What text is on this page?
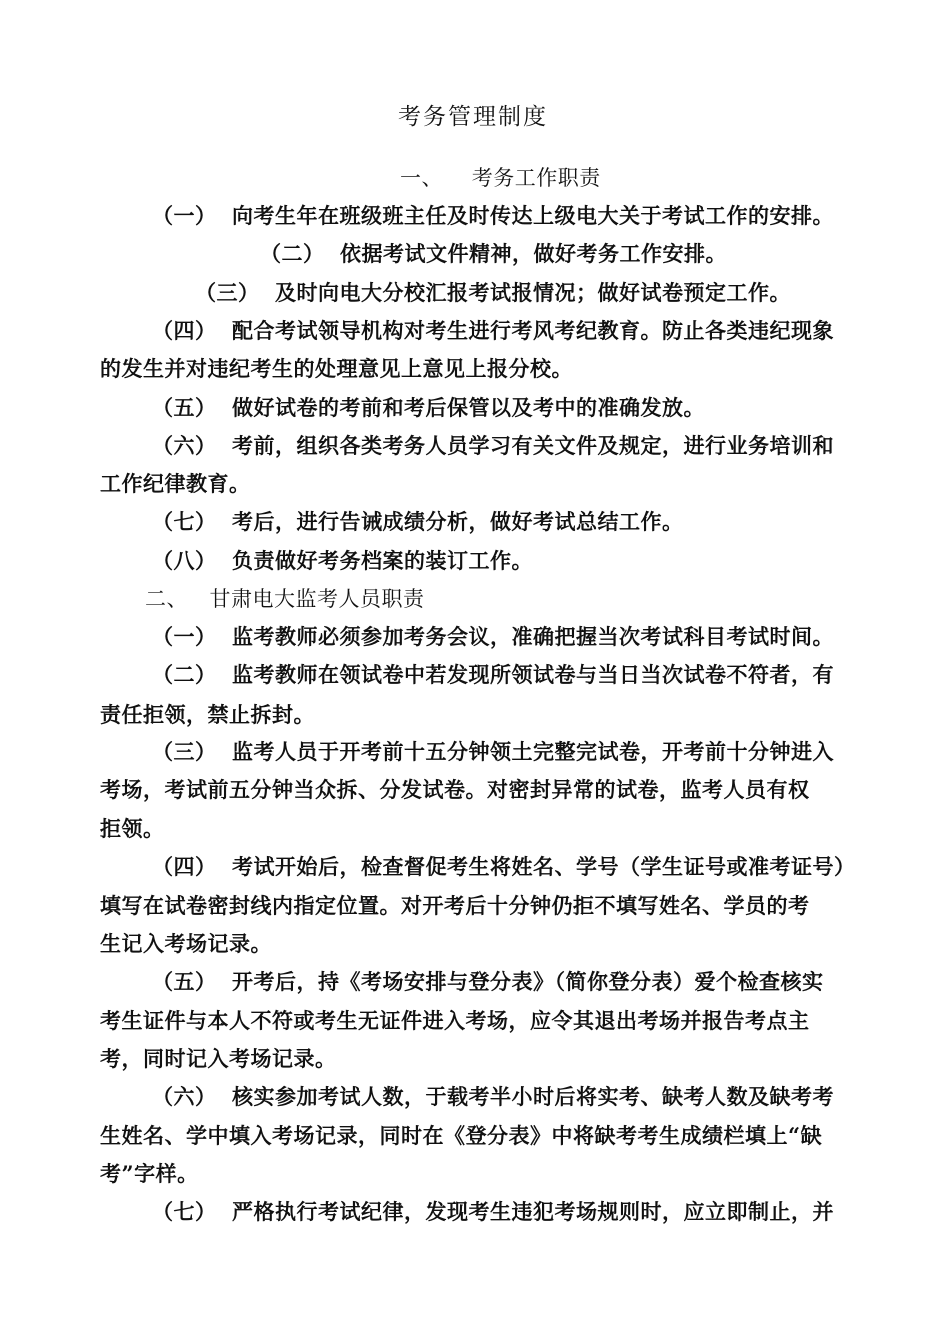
考务管理制度
一、 考务工作职责
（一） 向考生年在班级班主任及时传达上级电大关于考试工作的安排。
（二） 依据考试文件精神，做好考务工作安排。
（三） 及时向电大分校汇报考试报情况；做好试卷预定工作。
（四） 配合考试领导机构对考生进行考风考纪教育。防止各类违纪现象
的发生并对违纪考生的处理意见上意见上报分校。
（五） 做好试卷的考前和考后保管以及考中的准确发放。
（六） 考前，组织各类考务人员学习有关文件及规定，进行业务培训和
工作纪律教育。
（七） 考后，进行告诫成绩分析，做好考试总结工作。
（八） 负责做好考务档案的装订工作。
二、 甘肃电大监考人员职责
（一） 监考教师必须参加考务会议，准确把握当次考试科目考试时间。
（二） 监考教师在领试卷中若发现所领试卷与当日当次试卷不符者，有
责任拒领，禁止拆封。
（三） 监考人员于开考前十五分钟领土完整完试卷，开考前十分钟进入
考场，考试前五分钟当众拆、分发试卷。对密封异常的试卷，监考人员有权
拒领。
（四） 考试开始后，检查督促考生将姓名、学号（学生证号或准考证号）
填写在试卷密封线内指定位置。对开考后十分钟仍拒不填写姓名、学员的考
生记入考场记录。
（五） 开考后，持《考场安排与登分表》（简你登分表）爱个检查核实
考生证件与本人不符或考生无证件进入考场，应令其退出考场并报告考点主
考，同时记入考场记录。
（六） 核实参加考试人数，于载考半小时后将实考、缺考人数及缺考考
生姓名、学中填入考场记录，同时在《登分表》中将缺考考生成绩栏填上“缺
考”字样。
（七） 严格执行考试纪律，发现考生违犯考场规则时，应立即制止，并
